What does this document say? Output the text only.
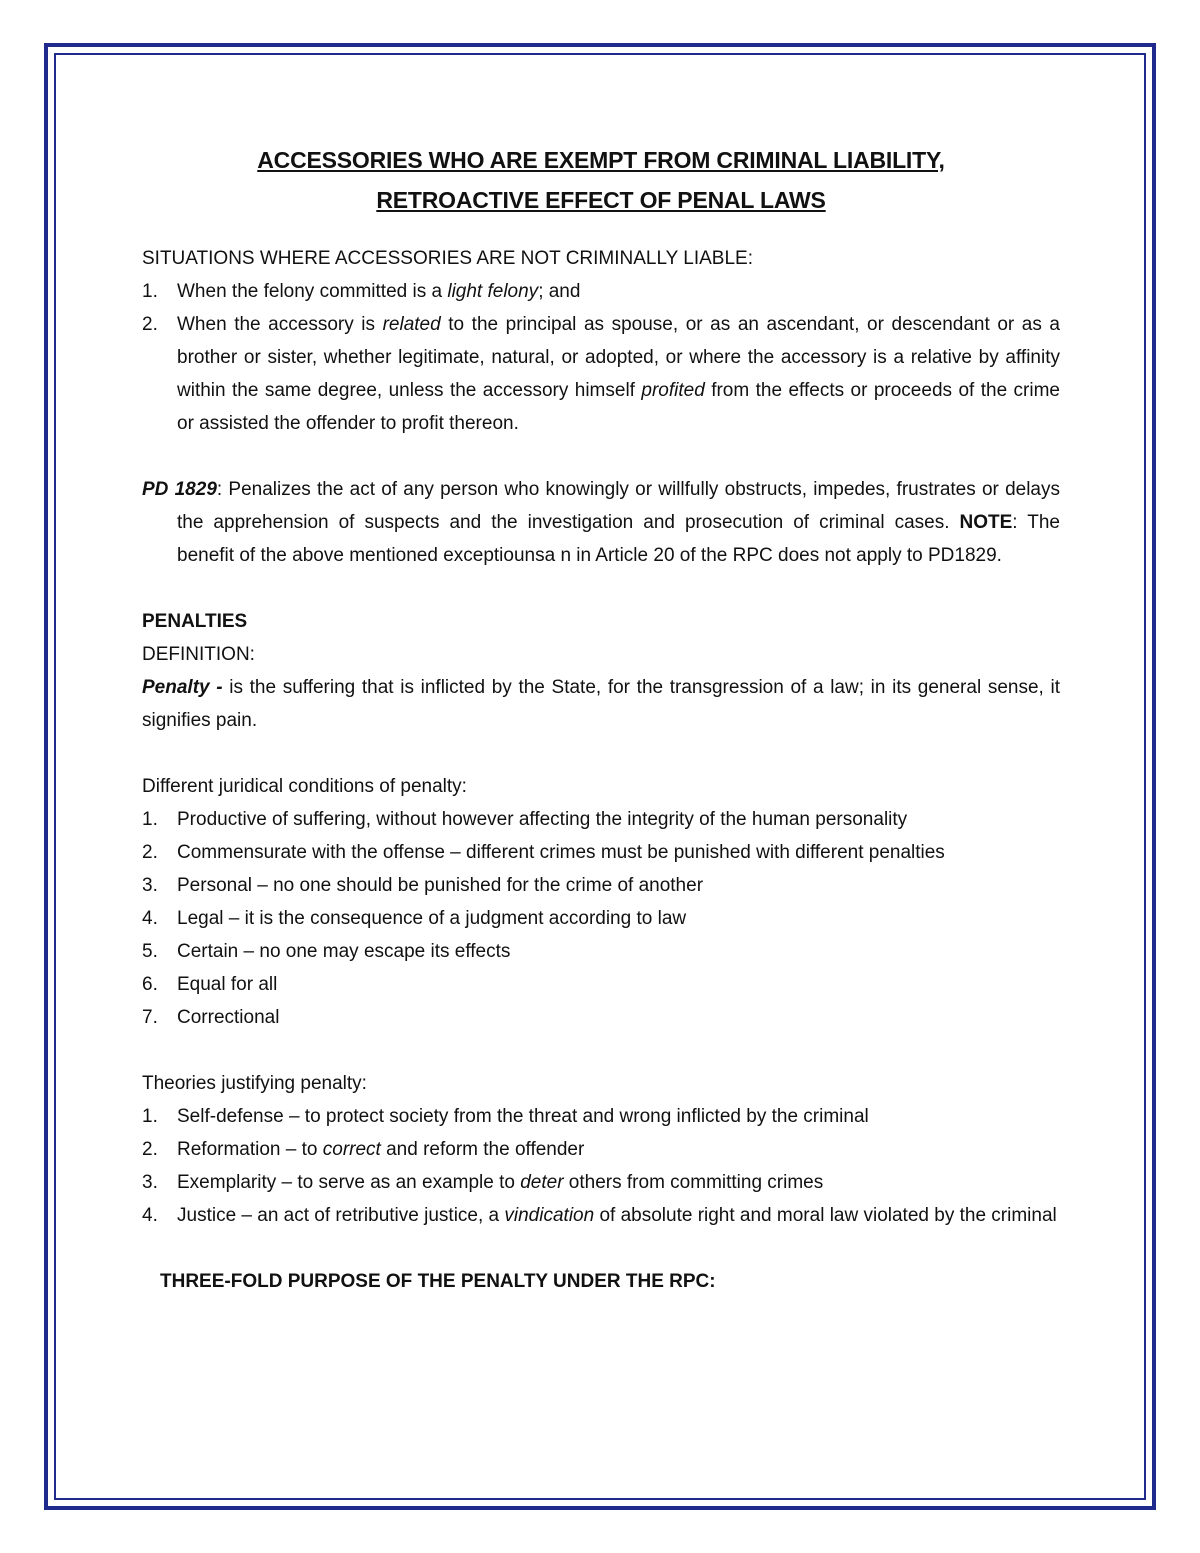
ACCESSORIES WHO ARE EXEMPT FROM CRIMINAL LIABILITY,
RETROACTIVE EFFECT OF PENAL LAWS

SITUATIONS WHERE ACCESSORIES ARE NOT CRIMINALLY LIABLE:

1. When the felony committed is a light felony; and
2. When the accessory is related to the principal as spouse, or as an ascendant, or descendant or as a brother or sister, whether legitimate, natural, or adopted, or where the accessory is a relative by affinity within the same degree, unless the accessory himself profited from the effects or proceeds of the crime or assisted the offender to profit thereon.

PD 1829: Penalizes the act of any person who knowingly or willfully obstructs, impedes, frustrates or delays the apprehension of suspects and the investigation and prosecution of criminal cases. NOTE: The benefit of the above mentioned exceptiounsa n in Article 20 of the RPC does not apply to PD1829.

PENALTIES

DEFINITION:

Penalty - is the suffering that is inflicted by the State, for the transgression of a law; in its general sense, it signifies pain.

Different juridical conditions of penalty:

1. Productive of suffering, without however affecting the integrity of the human personality
2. Commensurate with the offense – different crimes must be punished with different penalties
3. Personal – no one should be punished for the crime of another
4. Legal – it is the consequence of a judgment according to law
5. Certain – no one may escape its effects
6. Equal for all
7. Correctional

Theories justifying penalty:

1. Self-defense – to protect society from the threat and wrong inflicted by the criminal
2. Reformation – to correct and reform the offender
3. Exemplarity – to serve as an example to deter others from committing crimes
4. Justice – an act of retributive justice, a vindication of absolute right and moral law violated by the criminal

THREE-FOLD PURPOSE OF THE PENALTY UNDER THE RPC:
